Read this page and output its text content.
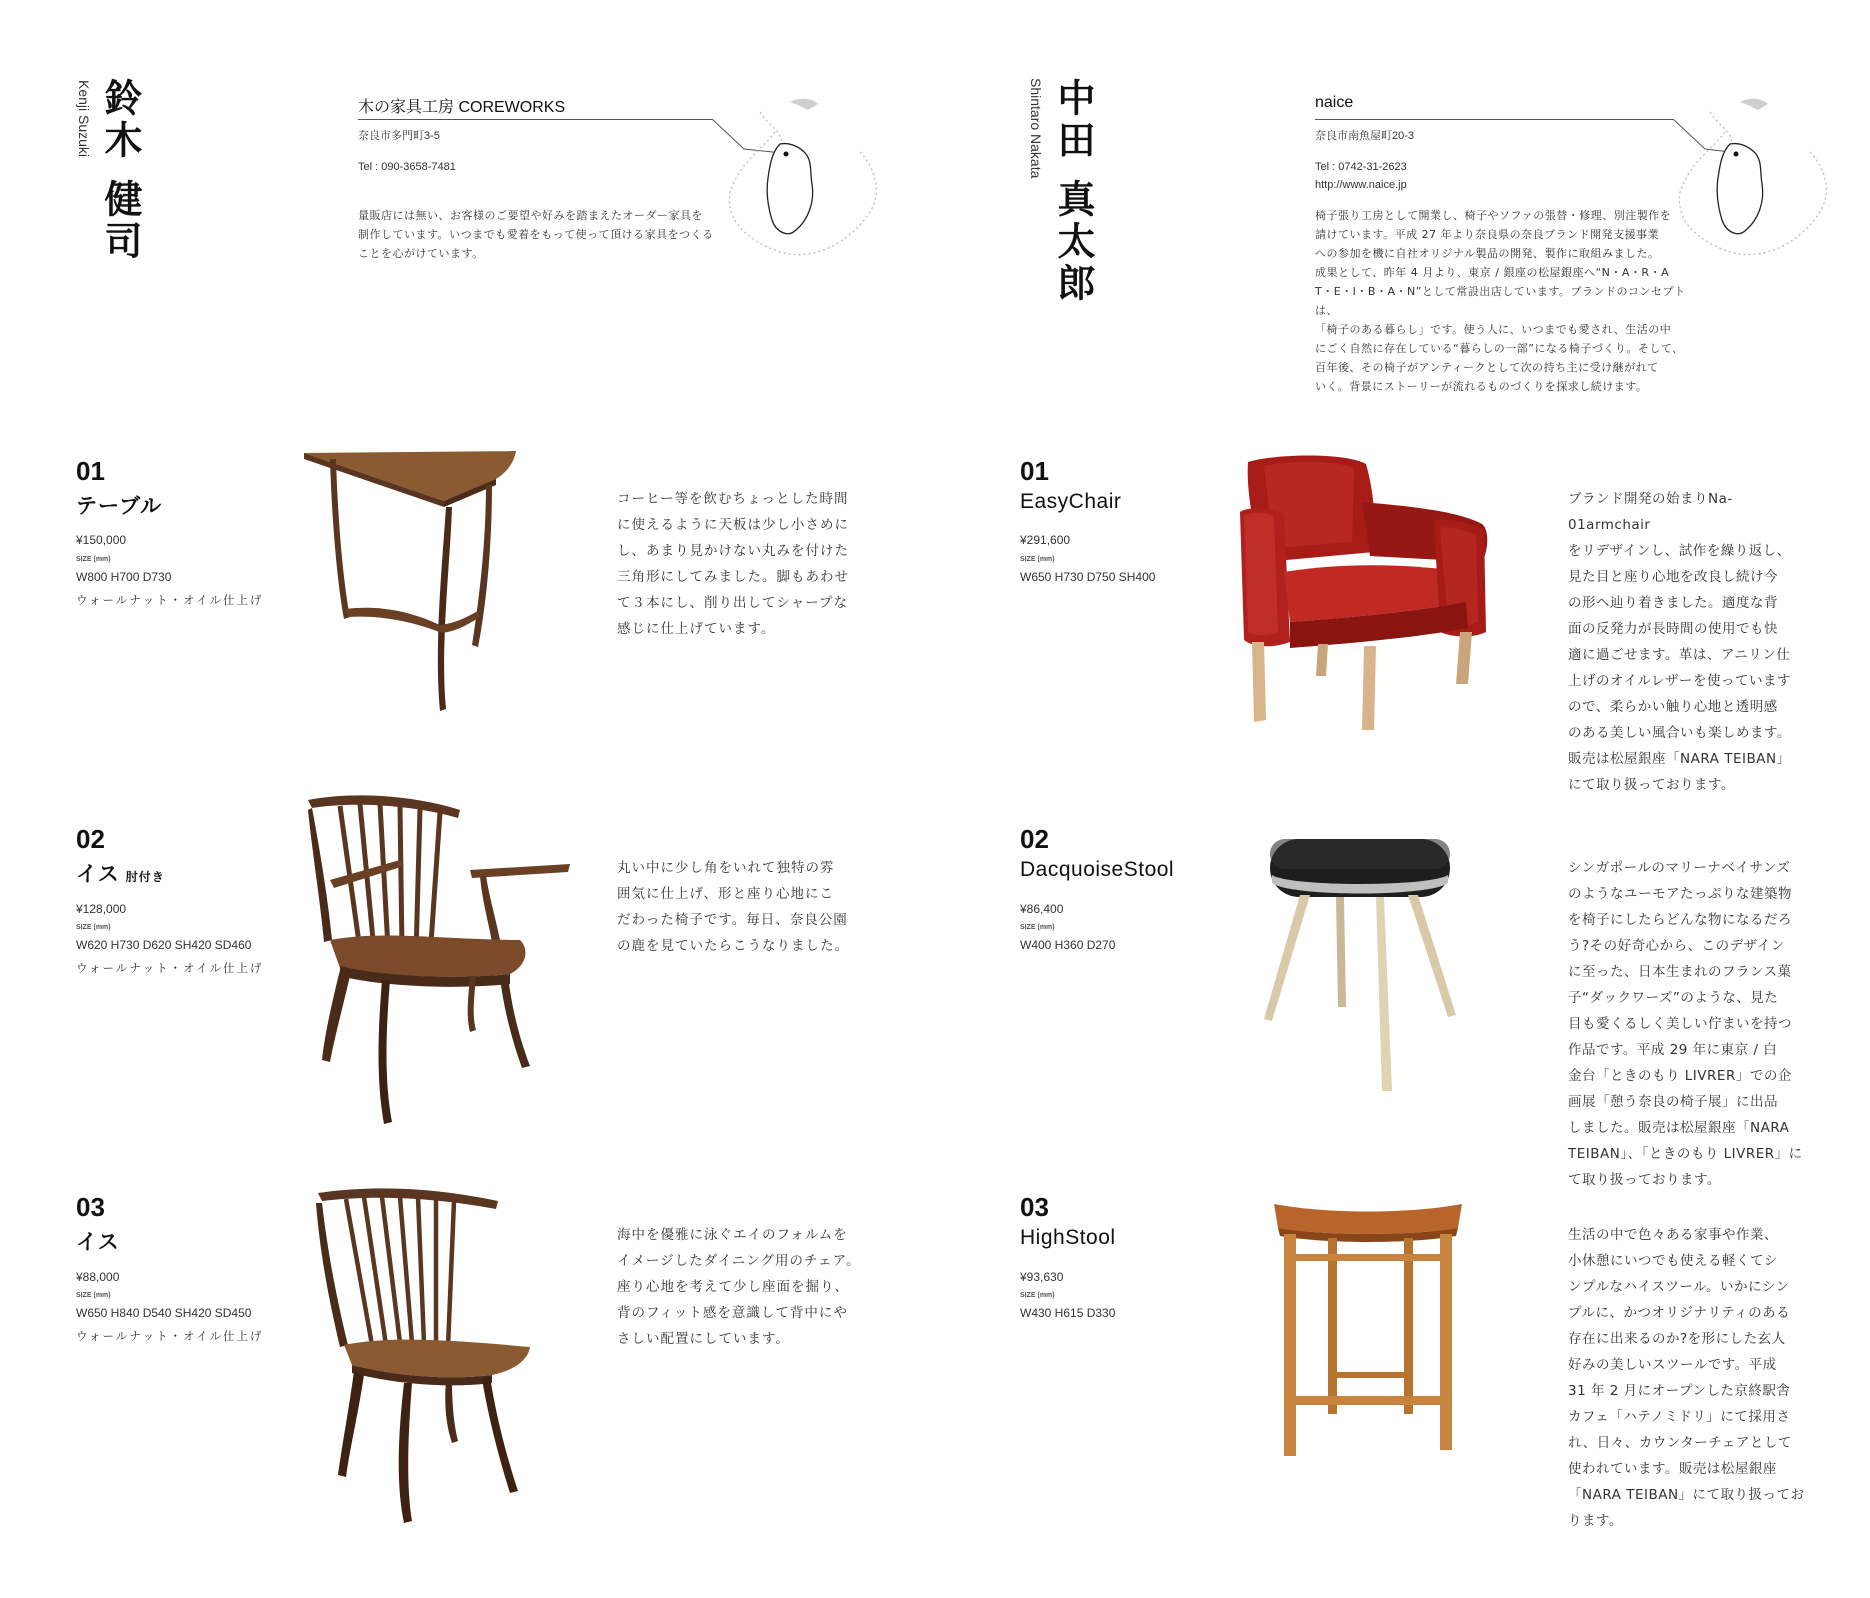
鈴木 健司
Kenji Suzuki	木の家具工房 COREWORKS
奈良市多門町3-5
Tel : 090-3658-7481
量販店には無い、お客様のご要望や好みを踏まえたオーダー家具を
制作しています。いつまでも愛着をもって使って頂ける家具をつくる
ことを心がけています。	中田 真太郎
Shintaro Nakata	naice
奈良市南魚屋町20-3
Tel : 0742-31-2623
http://www.naice.jp
椅子張り工房として開業し、椅子やソファの張替・修理、別注製作を
請けています。平成 27 年より奈良県の奈良ブランド開発支援事業
への参加を機に自社オリジナル製品の開発、製作に取組みました。
成果として、昨年 4 月より、東京 / 銀座の松屋銀座へ“N・A・R・A
T・E・I・B・A・N”として常設出店しています。ブランドのコンセプトは、
「椅子のある暮らし」です。使う人に、いつまでも愛され、生活の中
にごく自然に存在している“暮らしの一部”になる椅子づくり。そして、
百年後、その椅子がアンティークとして次の持ち主に受け継がれて
いく。背景にストーリーが流れるものづくりを探求し続けます。
01
テーブル
¥150,000
SIZE (mm)
W800 H700 D730
ウォールナット・オイル仕上げ
コーヒー等を飲むちょっとした時間
に使えるように天板は少し小さめに
し、あまり見かけない丸みを付けた
三角形にしてみました。脚もあわせ
て３本にし、削り出してシャープな
感じに仕上げています。
02
イス 肘付き
¥128,000
SIZE (mm)
W620 H730 D620 SH420 SD460
ウォールナット・オイル仕上げ
丸い中に少し角をいれて独特の雰
囲気に仕上げ、形と座り心地にこ
だわった椅子です。毎日、奈良公園
の鹿を見ていたらこうなりました。
03
イス
¥88,000
SIZE (mm)
W650 H840 D540 SH420 SD450
ウォールナット・オイル仕上げ
海中を優雅に泳ぐエイのフォルムを
イメージしたダイニング用のチェア。
座り心地を考えて少し座面を掘り、
背のフィット感を意識して背中にや
さしい配置にしています。
01
EasyChair
¥291,600
SIZE (mm)
W650 H730 D750 SH400
ブランド開発の始まりNa-01armchair
をリデザインし、試作を繰り返し、
見た目と座り心地を改良し続け今
の形へ辿り着きました。適度な背
面の反発力が長時間の使用でも快
適に過ごせます。革は、アニリン仕
上げのオイルレザーを使っています
ので、柔らかい触り心地と透明感
のある美しい風合いも楽しめます。
販売は松屋銀座「NARA TEIBAN」
にて取り扱っております。
02
DacquoiseStool
¥86,400
SIZE (mm)
W400 H360 D270
シンガポールのマリーナベイサンズ
のようなユーモアたっぷりな建築物
を椅子にしたらどんな物になるだろ
う?その好奇心から、このデザイン
に至った、日本生まれのフランス菓
子“ダックワーズ”のような、見た
目も愛くるしく美しい佇まいを持つ
作品です。平成 29 年に東京 / 白
金台「ときのもり LIVRER」での企
画展「憩う奈良の椅子展」に出品
しました。販売は松屋銀座「NARA
TEIBAN」、「ときのもり LIVRER」に
て取り扱っております。
03
HighStool
¥93,630
SIZE (mm)
W430 H615 D330
生活の中で色々ある家事や作業、
小休憩にいつでも使える軽くてシ
ンプルなハイスツール。いかにシン
プルに、かつオリジナリティのある
存在に出来るのか?を形にした玄人
好みの美しいスツールです。平成
31 年 2 月にオープンした京終駅舎
カフェ「ハテノミドリ」にて採用さ
れ、日々、カウンターチェアとして
使われています。販売は松屋銀座
「NARA TEIBAN」にて取り扱ってお
ります。
